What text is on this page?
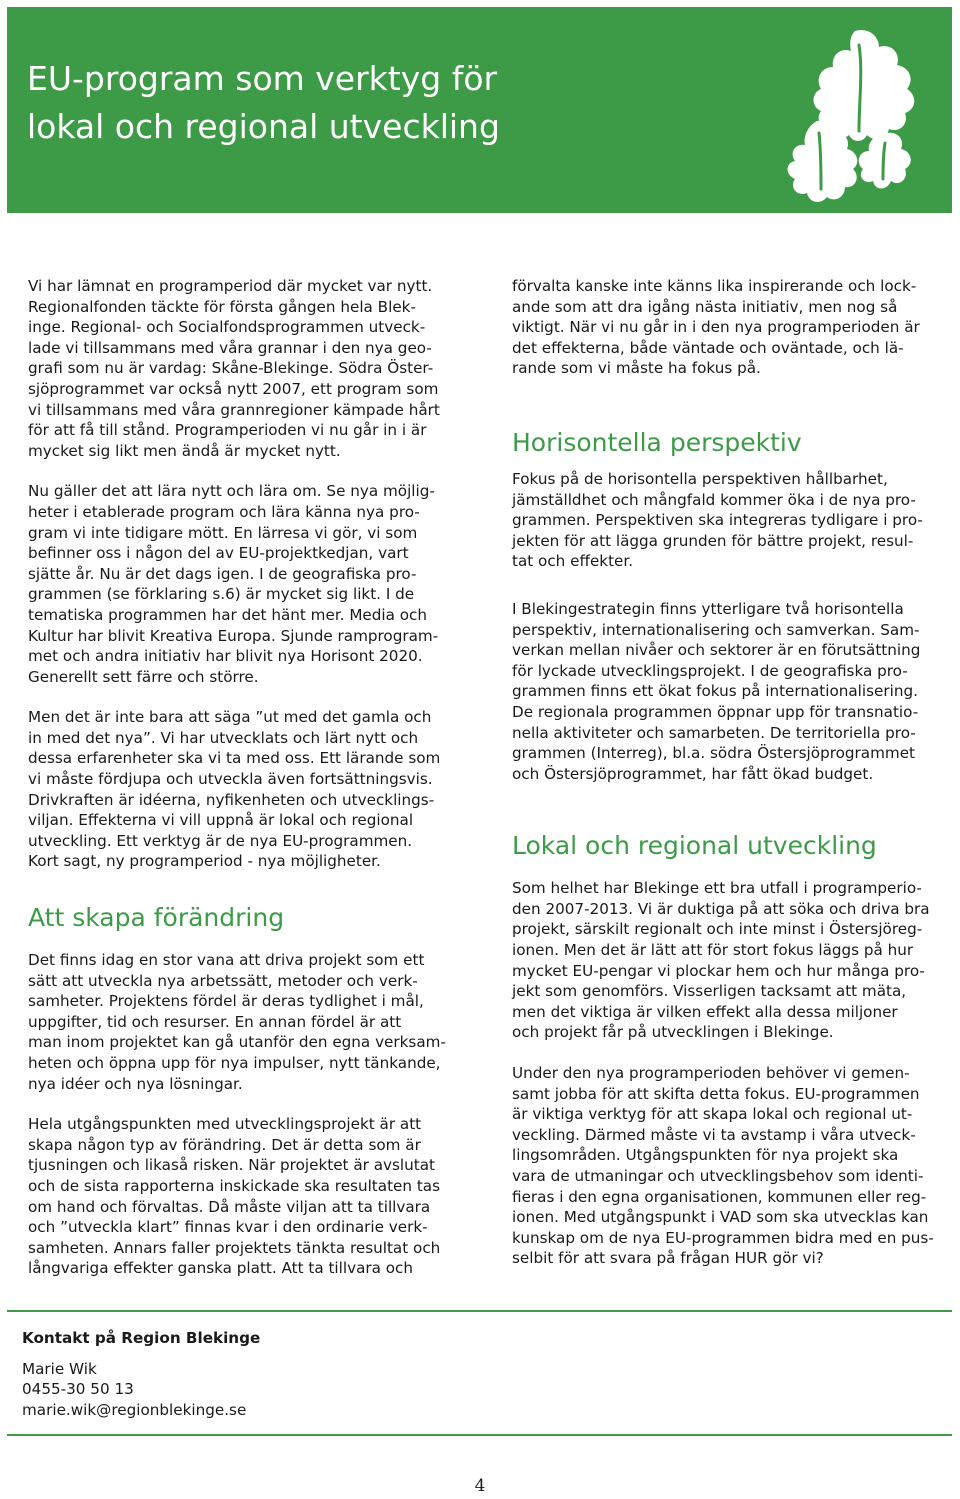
EU-program som verktyg för
lokal och regional utveckling

Vi har lämnat en programperiod där mycket var nytt.
Regionalfonden täckte för första gången hela Blek-
inge. Regional- och Socialfondsprogrammen utveck-
lade vi tillsammans med våra grannar i den nya geo-
grafi som nu är vardag: Skåne-Blekinge. Södra Öster-
sjöprogrammet var också nytt 2007, ett program som
vi tillsammans med våra grannregioner kämpade hårt
för att få till stånd. Programperioden vi nu går in i är
mycket sig likt men ändå är mycket nytt.

Nu gäller det att lära nytt och lära om. Se nya möjlig-
heter i etablerade program och lära känna nya pro-
gram vi inte tidigare mött. En lärresa vi gör, vi som
befinner oss i någon del av EU-projektkedjan, vart
sjätte år. Nu är det dags igen. I de geografiska pro-
grammen (se förklaring s.6) är mycket sig likt. I de
tematiska programmen har det hänt mer. Media och
Kultur har blivit Kreativa Europa. Sjunde ramprogram-
met och andra initiativ har blivit nya Horisont 2020.
Generellt sett färre och större.

Men det är inte bara att säga ”ut med det gamla och
in med det nya”. Vi har utvecklats och lärt nytt och
dessa erfarenheter ska vi ta med oss. Ett lärande som
vi måste fördjupa och utveckla även fortsättningsvis.
Drivkraften är idéerna, nyfikenheten och utvecklings-
viljan. Effekterna vi vill uppnå är lokal och regional
utveckling. Ett verktyg är de nya EU-programmen.
Kort sagt, ny programperiod - nya möjligheter.

Att skapa förändring

Det finns idag en stor vana att driva projekt som ett
sätt att utveckla nya arbetssätt, metoder och verk-
samheter. Projektens fördel är deras tydlighet i mål,
uppgifter, tid och resurser. En annan fördel är att
man inom projektet kan gå utanför den egna verksam-
heten och öppna upp för nya impulser, nytt tänkande,
nya idéer och nya lösningar.

Hela utgångspunkten med utvecklingsprojekt är att
skapa någon typ av förändring. Det är detta som är
tjusningen och likaså risken. När projektet är avslutat
och de sista rapporterna inskickade ska resultaten tas
om hand och förvaltas. Då måste viljan att ta tillvara
och ”utveckla klart” finnas kvar i den ordinarie verk-
samheten. Annars faller projektets tänkta resultat och
långvariga effekter ganska platt. Att ta tillvara och

förvalta kanske inte känns lika inspirerande och lock-
ande som att dra igång nästa initiativ, men nog så
viktigt. När vi nu går in i den nya programperioden är
det effekterna, både väntade och oväntade, och lä-
rande som vi måste ha fokus på.

Horisontella perspektiv

Fokus på de horisontella perspektiven hållbarhet,
jämställdhet och mångfald kommer öka i de nya pro-
grammen. Perspektiven ska integreras tydligare i pro-
jekten för att lägga grunden för bättre projekt, resul-
tat och effekter.

I Blekingestrategin finns ytterligare två horisontella
perspektiv, internationalisering och samverkan. Sam-
verkan mellan nivåer och sektorer är en förutsättning
för lyckade utvecklingsprojekt. I de geografiska pro-
grammen finns ett ökat fokus på internationalisering.
De regionala programmen öppnar upp för transnatio-
nella aktiviteter och samarbeten. De territoriella pro-
grammen (Interreg), bl.a. södra Östersjöprogrammet
och Östersjöprogrammet, har fått ökad budget.

Lokal och regional utveckling

Som helhet har Blekinge ett bra utfall i programperio-
den 2007-2013. Vi är duktiga på att söka och driva bra
projekt, särskilt regionalt och inte minst i Östersjöreg-
ionen. Men det är lätt att för stort fokus läggs på hur
mycket EU-pengar vi plockar hem och hur många pro-
jekt som genomförs. Visserligen tacksamt att mäta,
men det viktiga är vilken effekt alla dessa miljoner
och projekt får på utvecklingen i Blekinge.

Under den nya programperioden behöver vi gemen-
samt jobba för att skifta detta fokus. EU-programmen
är viktiga verktyg för att skapa lokal och regional ut-
veckling. Därmed måste vi ta avstamp i våra utveck-
lingsområden. Utgångspunkten för nya projekt ska
vara de utmaningar och utvecklingsbehov som identi-
fieras i den egna organisationen, kommunen eller reg-
ionen. Med utgångspunkt i VAD som ska utvecklas kan
kunskap om de nya EU-programmen bidra med en pus-
selbit för att svara på frågan HUR gör vi?

Kontakt på Region Blekinge

Marie Wik
0455-30 50 13
marie.wik@regionblekinge.se
4
